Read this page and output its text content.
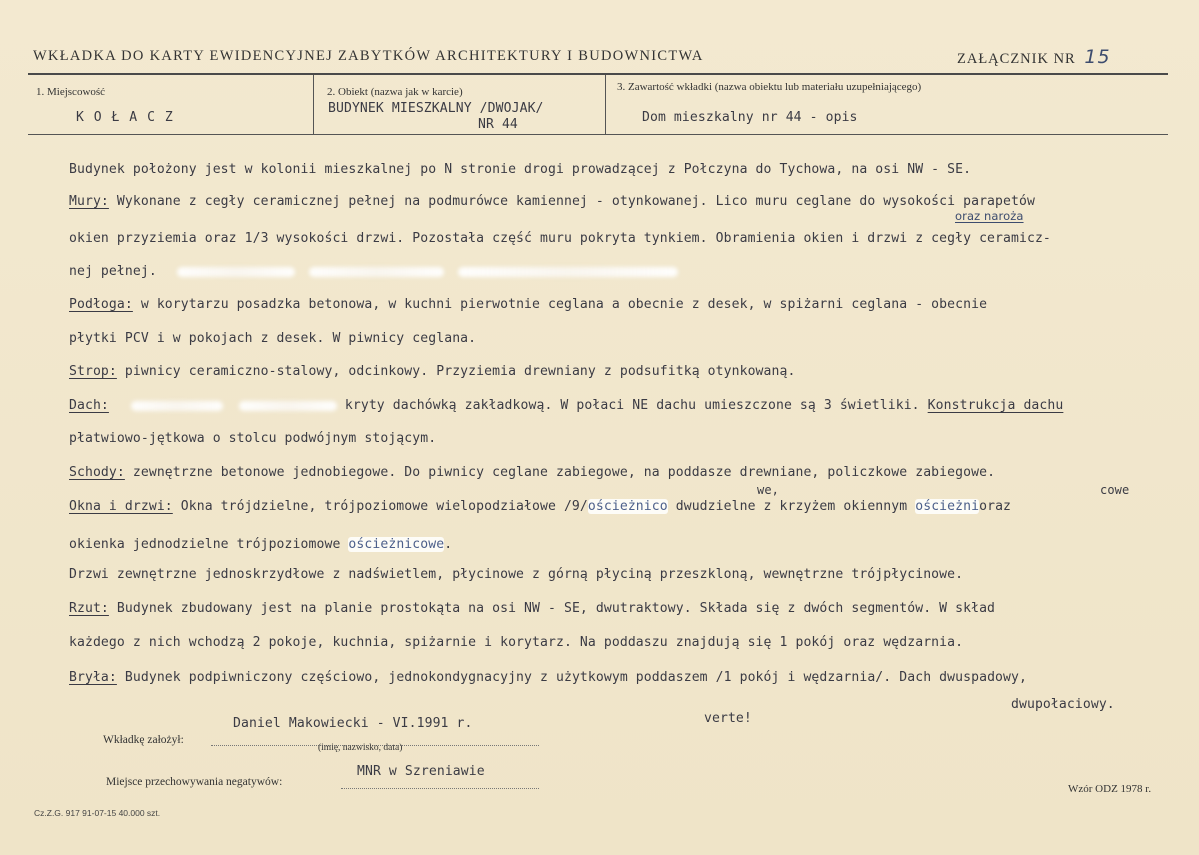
WKŁADKA DO KARTY EWIDENCYJNEJ ZABYTKÓW ARCHITEKTURY I BUDOWNICTWA	ZAŁĄCZNIK NR 15
1. Miejscowość
K O Ł A C Z
2. Obiekt (nazwa jak w karcie)
BUDYNEK MIESZKALNY /DWOJAK/
NR 44
3. Zawartość wkładki (nazwa obiektu lub materiału uzupełniającego)
Dom mieszkalny nr 44 - opis
Budynek położony jest w kolonii mieszkalnej po N stronie drogi prowadzącej z Połczyna do Tychowa, na osi NW - SE.
Mury: Wykonane z cegły ceramicznej pełnej na podmurówce kamiennej - otynkowanej. Lico muru ceglane do wysokości parapetów
oraz naroża
okien przyziemia oraz 1/3 wysokości drzwi. Pozostała część muru pokryta tynkiem. Obramienia okien i drzwi z cegły ceramicz-
nej pełnej.
Podłoga: w korytarzu posadzka betonowa, w kuchni pierwotnie ceglana a obecnie z desek, w spiżarni ceglana - obecnie
płytki PCV i w pokojach z desek. W piwnicy ceglana.
Strop: piwnicy ceramiczno-stalowy, odcinkowy. Przyziemia drewniany z podsufitką otynkowaną.
Dach:	kryty dachówką zakładkową. W połaci NE dachu umieszczone są 3 świetliki. Konstrukcja dachu
płatwiowo-jętkowa o stolcu podwójnym stojącym.
Schody: zewnętrzne betonowe jednobiegowe. Do piwnicy ceglane zabiegowe, na poddasze drewniane, policzkowe zabiegowe.
we,	cowe
Okna i drzwi: Okna trójdzielne, trójpoziomowe wielopodziałowe /9/ościeżnico dwudzielne z krzyżem okiennym ościeżnioraz
okienka jednodzielne trójpoziomowe ościeżnicowe.
Drzwi zewnętrzne jednoskrzydłowe z nadświetlem, płycinowe z górną płyciną przeszkloną, wewnętrzne trójpłycinowe.
Rzut: Budynek zbudowany jest na planie prostokąta na osi NW - SE, dwutraktowy. Składa się z dwóch segmentów. W skład
każdego z nich wchodzą 2 pokoje, kuchnia, spiżarnie i korytarz. Na poddaszu znajdują się 1 pokój oraz wędzarnia.
Bryła: Budynek podpiwniczony częściowo, jednokondygnacyjny z użytkowym poddaszem /1 pokój i wędzarnia/. Dach dwuspadowy,
dwupołaciowy.
verte!
Daniel Makowiecki - VI.1991 r.
Wkładkę założył:
(imię, nazwisko, data)
MNR w Szreniawie
Miejsce przechowywania negatywów:
Cz.Z.G. 917 91-07-15 40.000 szt.
Wzór ODZ 1978 r.
